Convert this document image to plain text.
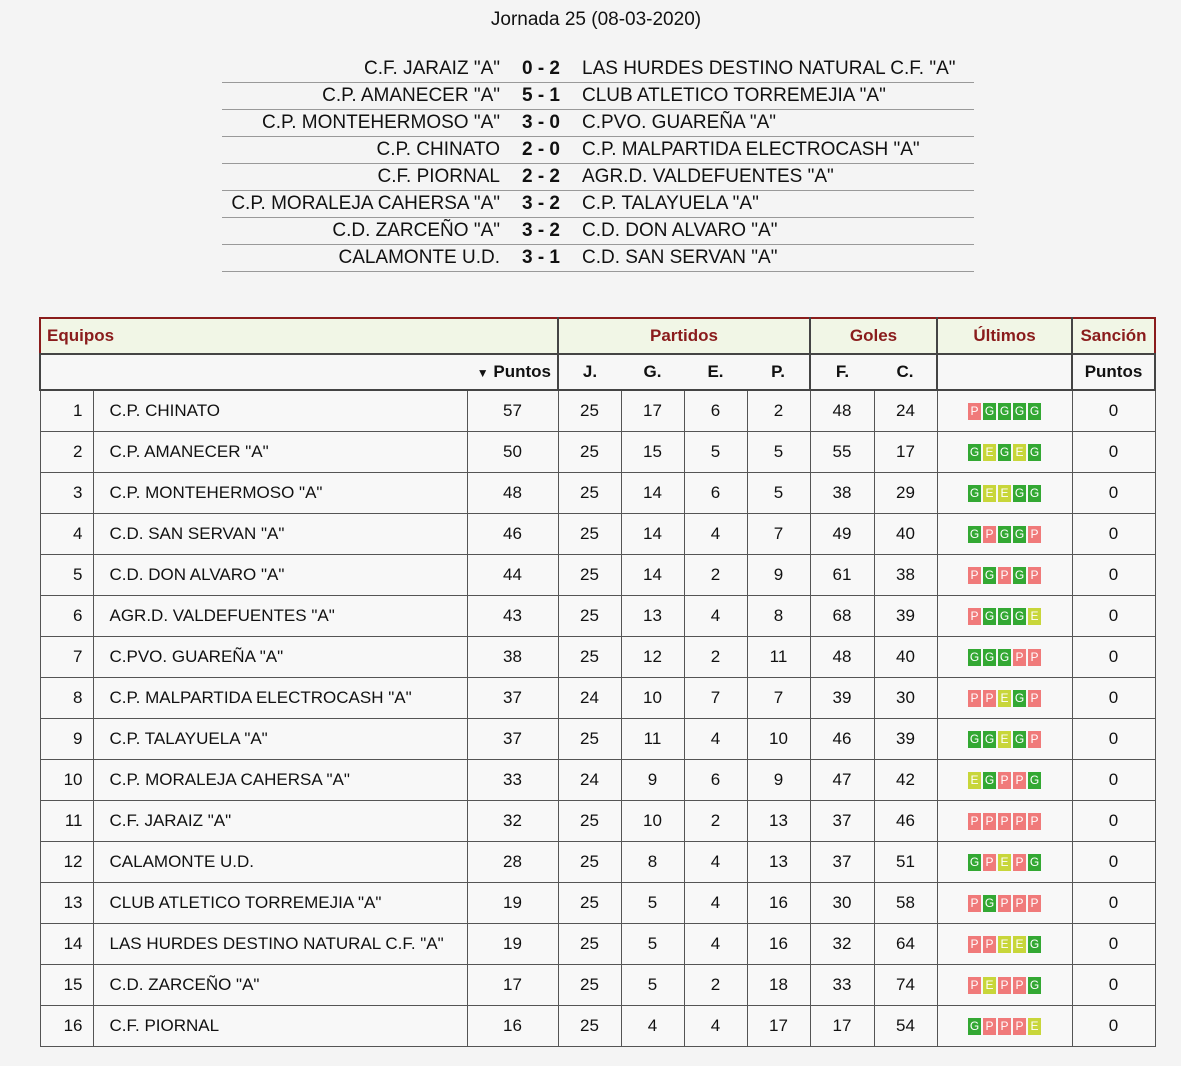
Jornada 25 (08-03-2020)
C.F. JARAIZ "A"	0 - 2	LAS HURDES DESTINO NATURAL C.F. "A"
C.P. AMANECER "A"	5 - 1	CLUB ATLETICO TORREMEJIA "A"
C.P. MONTEHERMOSO "A"	3 - 0	C.PVO. GUAREÑA "A"
C.P. CHINATO	2 - 0	C.P. MALPARTIDA ELECTROCASH "A"
C.F. PIORNAL	2 - 2	AGR.D. VALDEFUENTES "A"
C.P. MORALEJA CAHERSA "A"	3 - 2	C.P. TALAYUELA "A"
C.D. ZARCEÑO "A"	3 - 2	C.D. DON ALVARO "A"
CALAMONTE U.D.	3 - 1	C.D. SAN SERVAN "A"
Equipos			Partidos				Goles		Últimos	Sanción
		▼ Puntos	J.	G.	E.	P.	F.	C.		Puntos
1	C.P. CHINATO	57	25	17	6	2	48	24	P G G G G	0
2	C.P. AMANECER "A"	50	25	15	5	5	55	17	G E G E G	0
3	C.P. MONTEHERMOSO "A"	48	25	14	6	5	38	29	G E E G G	0
4	C.D. SAN SERVAN "A"	46	25	14	4	7	49	40	G P G G P	0
5	C.D. DON ALVARO "A"	44	25	14	2	9	61	38	P G P G P	0
6	AGR.D. VALDEFUENTES "A"	43	25	13	4	8	68	39	P G G G E	0
7	C.PVO. GUAREÑA "A"	38	25	12	2	11	48	40	G G G P P	0
8	C.P. MALPARTIDA ELECTROCASH "A"	37	24	10	7	7	39	30	P P E G P	0
9	C.P. TALAYUELA "A"	37	25	11	4	10	46	39	G G E G P	0
10	C.P. MORALEJA CAHERSA "A"	33	24	9	6	9	47	42	E G P P G	0
11	C.F. JARAIZ "A"	32	25	10	2	13	37	46	P P P P P	0
12	CALAMONTE U.D.	28	25	8	4	13	37	51	G P E P G	0
13	CLUB ATLETICO TORREMEJIA "A"	19	25	5	4	16	30	58	P G P P P	0
14	LAS HURDES DESTINO NATURAL C.F. "A"	19	25	5	4	16	32	64	P P E E G	0
15	C.D. ZARCEÑO "A"	17	25	5	2	18	33	74	P E P P G	0
16	C.F. PIORNAL	16	25	4	4	17	17	54	G P P P E	0
